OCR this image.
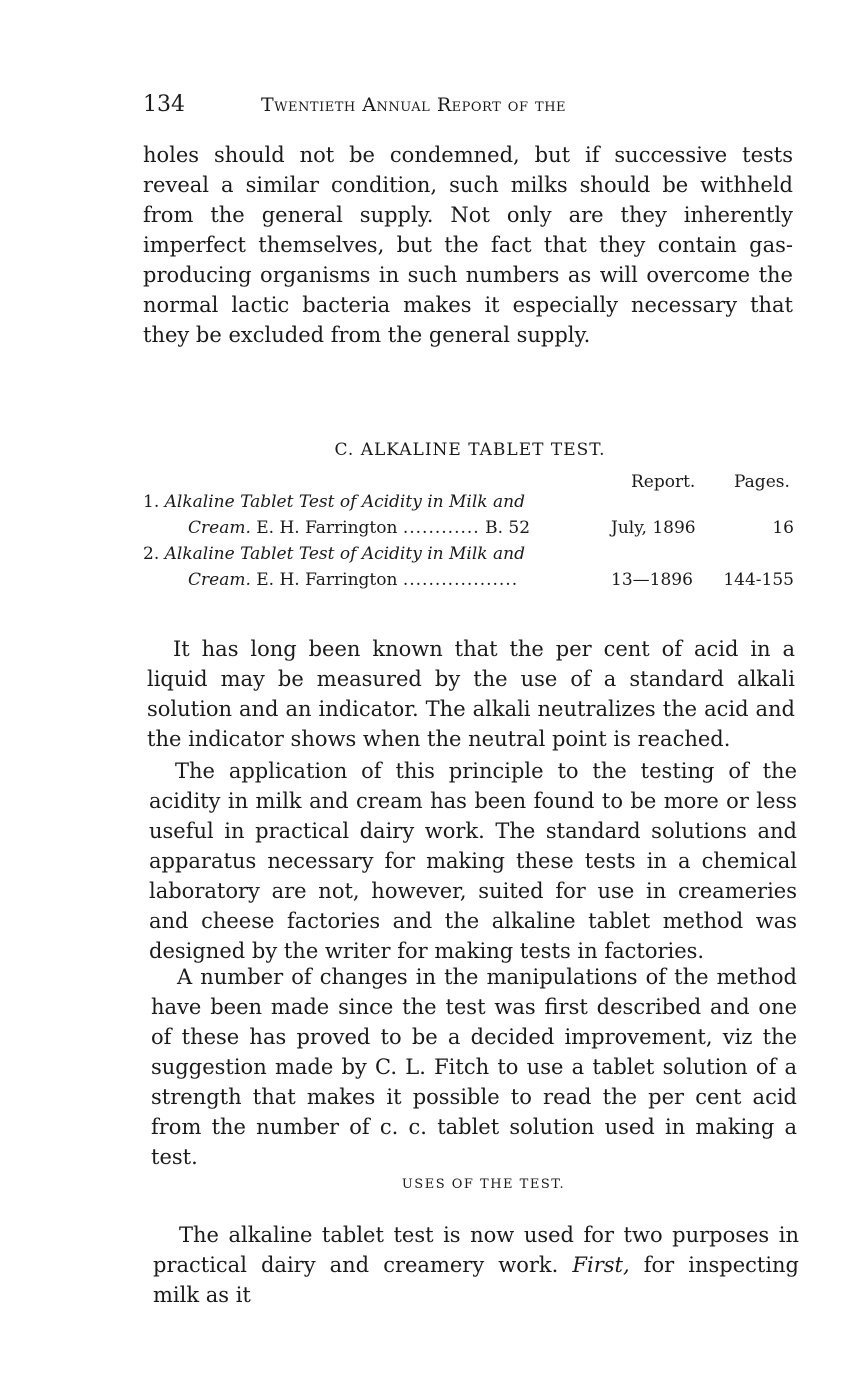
134	Twentieth Annual Report of the

holes should not be condemned, but if successive tests reveal a similar condition, such milks should be withheld from the general supply. Not only are they inherently imperfect themselves, but the fact that they contain gas-producing organisms in such numbers as will overcome the normal lactic bacteria makes it especially necessary that they be excluded from the general supply.

C. ALKALINE TABLET TEST.
Report. Pages.
1. Alkaline Tablet Test of Acidity in Milk and
Cream. E. H. Farrington ............ B. 52	July, 1896	16
2. Alkaline Tablet Test of Acidity in Milk and
Cream. E. H. Farrington ..................	13—1896 144-155

It has long been known that the per cent of acid in a liquid may be measured by the use of a standard alkali solution and an indicator. The alkali neutralizes the acid and the indicator shows when the neutral point is reached.

The application of this principle to the testing of the acidity in milk and cream has been found to be more or less useful in practical dairy work. The standard solutions and apparatus necessary for making these tests in a chemical laboratory are not, however, suited for use in creameries and cheese factories and the alkaline tablet method was designed by the writer for making tests in factories.

A number of changes in the manipulations of the method have been made since the test was first described and one of these has proved to be a decided improvement, viz the suggestion made by C. L. Fitch to use a tablet solution of a strength that makes it possible to read the per cent acid from the number of c. c. tablet solution used in making a test.

USES OF THE TEST.

The alkaline tablet test is now used for two purposes in practical dairy and creamery work. First, for inspecting milk as it
